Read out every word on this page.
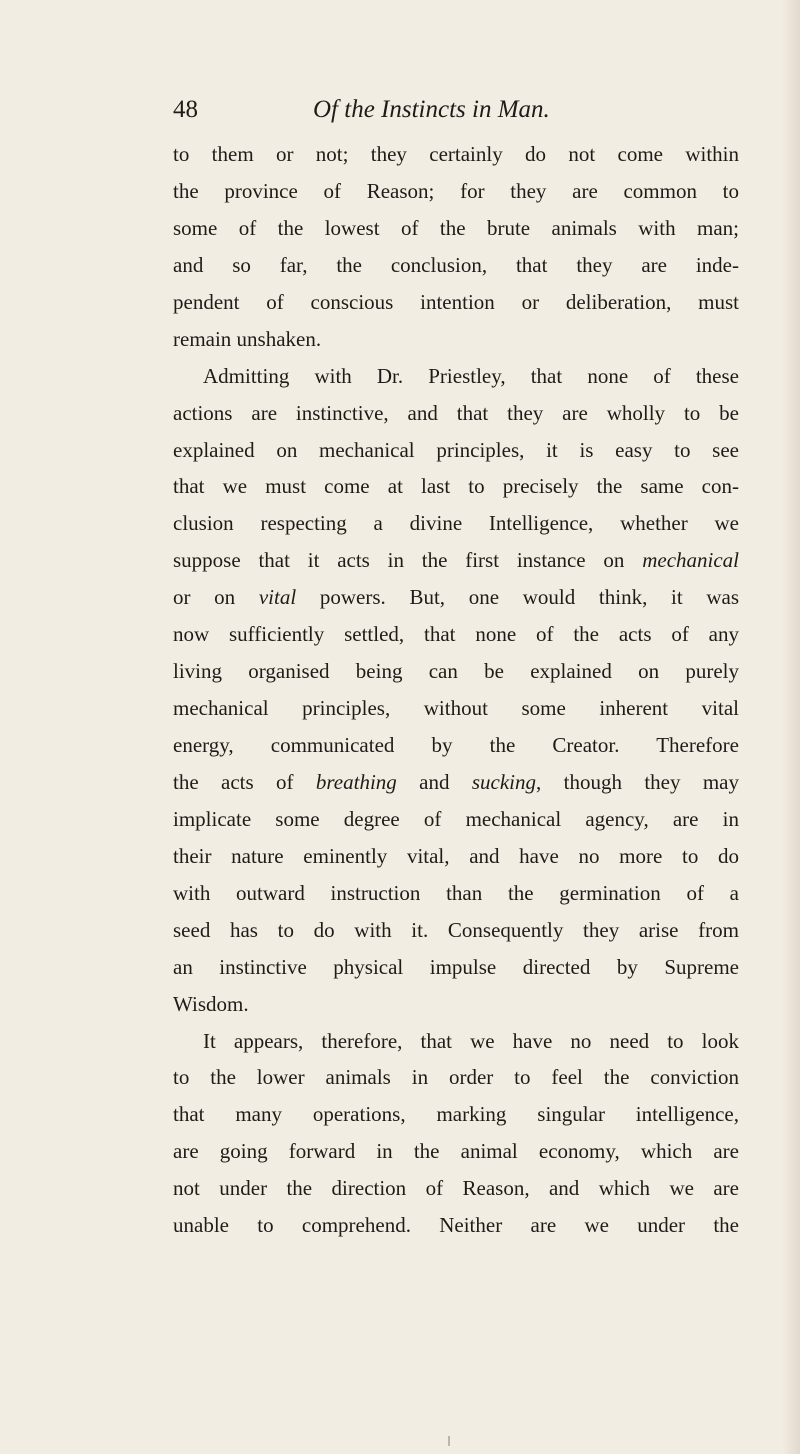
48	Of the Instincts in Man.
to them or not; they certainly do not come within
the province of Reason; for they are common to
some of the lowest of the brute animals with man;
and so far, the conclusion, that they are inde-
pendent of conscious intention or deliberation, must
remain unshaken.
Admitting with Dr. Priestley, that none of these
actions are instinctive, and that they are wholly to be
explained on mechanical principles, it is easy to see
that we must come at last to precisely the same con-
clusion respecting a divine Intelligence, whether we
suppose that it acts in the first instance on mechanical
or on vital powers. But, one would think, it was
now sufficiently settled, that none of the acts of any
living organised being can be explained on purely
mechanical principles, without some inherent vital
energy, communicated by the Creator. Therefore
the acts of breathing and sucking, though they may
implicate some degree of mechanical agency, are in
their nature eminently vital, and have no more to do
with outward instruction than the germination of a
seed has to do with it. Consequently they arise from
an instinctive physical impulse directed by Supreme
Wisdom.
It appears, therefore, that we have no need to look
to the lower animals in order to feel the conviction
that many operations, marking singular intelligence,
are going forward in the animal economy, which are
not under the direction of Reason, and which we are
unable to comprehend. Neither are we under the
